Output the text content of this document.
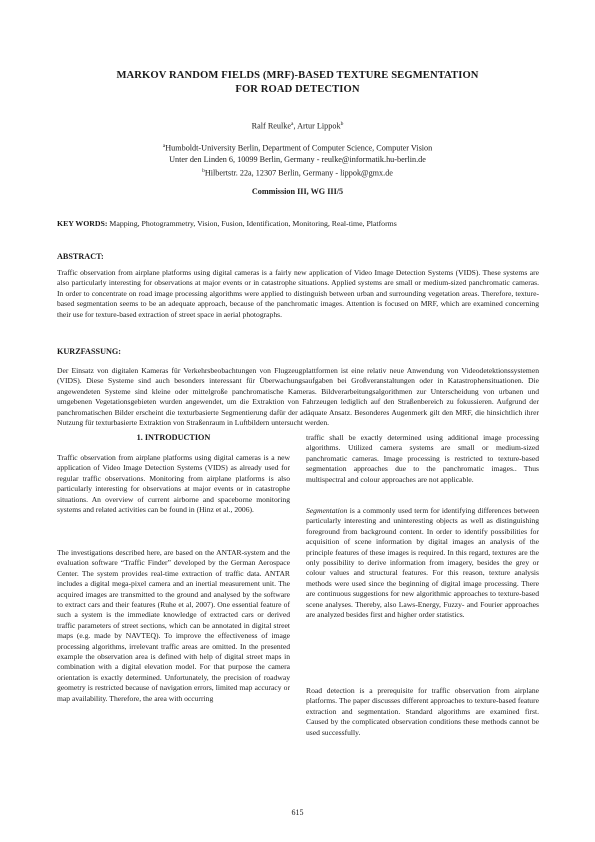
MARKOV RANDOM FIELDS (MRF)-BASED TEXTURE SEGMENTATION
FOR ROAD DETECTION
Ralf Reulke$^a$, Artur Lippok$^b$
$^a$Humboldt-University Berlin, Department of Computer Science, Computer Vision
Unter den Linden 6, 10099 Berlin, Germany - reulke@informatik.hu-berlin.de
$^b$Hilbertstr. 22a, 12307 Berlin, Germany - lippok@gmx.de
Commission III, WG III/5
KEY WORDS: Mapping, Photogrammetry, Vision, Fusion, Identification, Monitoring, Real-time, Platforms
ABSTRACT:
Traffic observation from airplane platforms using digital cameras is a fairly new application of Video Image Detection Systems (VIDS). These systems are also particularly interesting for observations at major events or in catastrophe situations. Applied systems are small or medium-sized panchromatic cameras. In order to concentrate on road image processing algorithms were applied to distinguish between urban and surrounding vegetation areas. Therefore, texture-based segmentation seems to be an adequate approach, because of the panchromatic images. Attention is focused on MRF, which are examined concerning their use for texture-based extraction of street space in aerial photographs.
KURZFASSUNG:
Der Einsatz von digitalen Kameras für Verkehrsbeobachtungen von Flugzeugplattformen ist eine relativ neue Anwendung von Videodetektionssystemen (VIDS). Diese Systeme sind auch besonders interessant für Überwachungsaufgaben bei Großveranstaltungen oder in Katastrophensituationen. Die angewendeten Systeme sind kleine oder mittelgroße panchromatische Kameras. Bildverarbeitungsalgorithmen zur Unterscheidung von urbanen und umgebenen Vegetationsgebieten wurden angewendet, um die Extraktion von Fahrzeugen lediglich auf den Straßenbereich zu fokussieren. Aufgrund der panchromatischen Bilder erscheint die texturbasierte Segmentierung dafür der adäquate Ansatz. Besonderes Augenmerk gilt den MRF, die hinsichtlich ihrer Nutzung für texturbasierte Extraktion von Straßenraum in Luftbildern untersucht werden.
1. INTRODUCTION
Traffic observation from airplane platforms using digital cameras is a new application of Video Image Detection Systems (VIDS) as already used for regular traffic observations. Monitoring from airplane platforms is also particularly interesting for observations at major events or in catastrophe situations. An overview of current airborne and spaceborne monitoring systems and related activities can be found in (Hinz et al., 2006).
The investigations described here, are based on the ANTAR-system and the evaluation software “Traffic Finder” developed by the German Aerospace Center. The system provides real-time extraction of traffic data. ANTAR includes a digital mega-pixel camera and an inertial measurement unit. The acquired images are transmitted to the ground and analysed by the software to extract cars and their features (Ruhe et al, 2007). One essential feature of such a system is the immediate knowledge of extracted cars or derived traffic parameters of street sections, which can be annotated in digital street maps (e.g. made by NAVTEQ). To improve the effectiveness of image processing algorithms, irrelevant traffic areas are omitted. In the presented example the observation area is defined with help of digital street maps in combination with a digital elevation model. For that purpose the camera orientation is exactly determined. Unfortunately, the precision of roadway geometry is restricted because of navigation errors, limited map accuracy or map availability. Therefore, the area with occurring
traffic shall be exactly determined using additional image processing algorithms. Utilized camera systems are small or medium-sized panchromatic cameras. Image processing is restricted to texture-based segmentation approaches due to the panchromatic images.. Thus multispectral and colour approaches are not applicable.
Segmentation is a commonly used term for identifying differences between particularly interesting and uninteresting objects as well as distinguishing foreground from background content. In order to identify possibilities for acquisition of scene information by digital images an analysis of the principle features of these images is required. In this regard, textures are the only possibility to derive information from imagery, besides the grey or colour values and structural features. For this reason, texture analysis methods were used since the beginning of digital image processing. There are continuous suggestions for new algorithmic approaches to texture-based scene analyses. Thereby, also Laws-Energy, Fuzzy- and Fourier approaches are analyzed besides first and higher order statistics.
Road detection is a prerequisite for traffic observation from airplane platforms. The paper discusses different approaches to texture-based feature extraction and segmentation. Standard algorithms are examined first. Caused by the complicated observation conditions these methods cannot be used successfully.
615
